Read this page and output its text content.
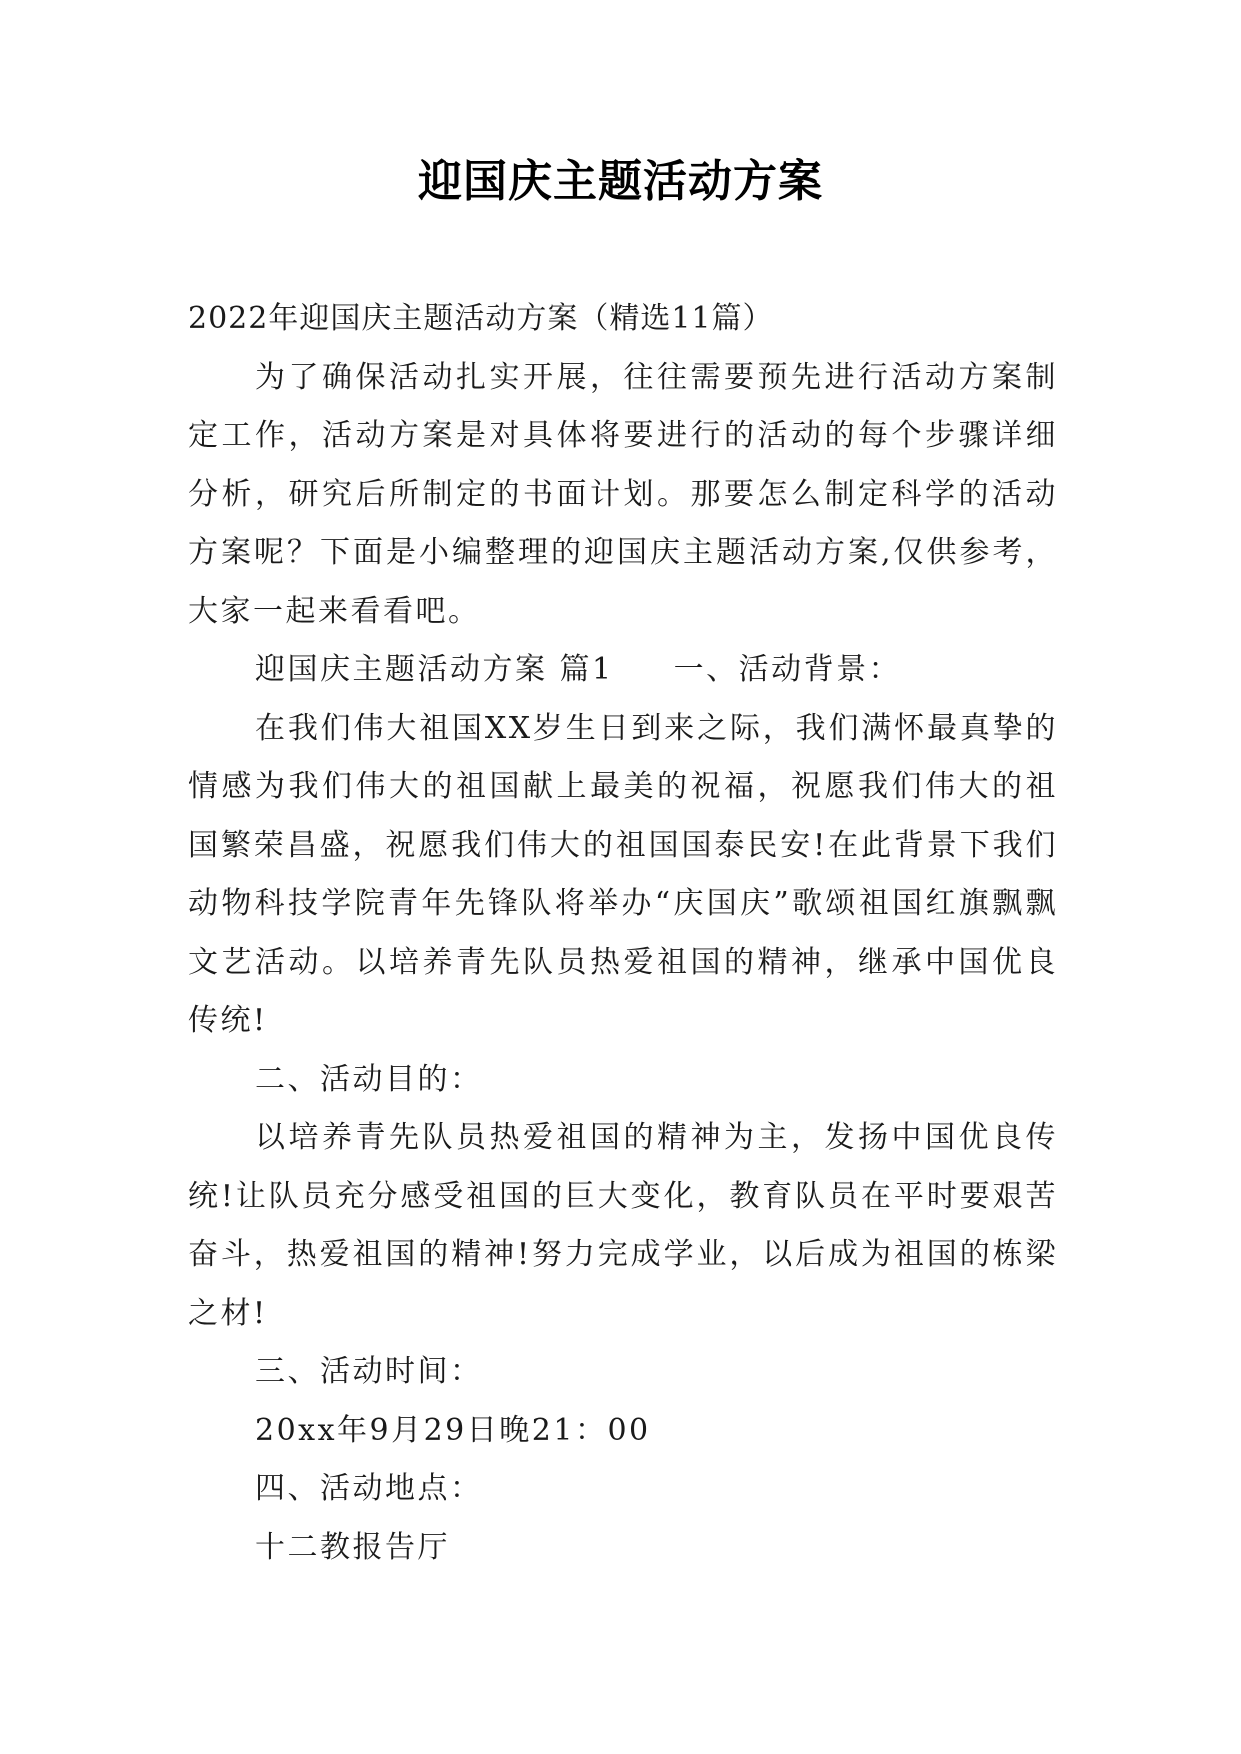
迎国庆主题活动方案

2022年迎国庆主题活动方案（精选11篇）

为了确保活动扎实开展，往往需要预先进行活动方案制定工作，活动方案是对具体将要进行的活动的每个步骤详细分析，研究后所制定的书面计划。那要怎么制定科学的活动方案呢？下面是小编整理的迎国庆主题活动方案,仅供参考，大家一起来看看吧。

迎国庆主题活动方案 篇1 一、活动背景：

在我们伟大祖国XX岁生日到来之际，我们满怀最真挚的情感为我们伟大的祖国献上最美的祝福，祝愿我们伟大的祖国繁荣昌盛，祝愿我们伟大的祖国国泰民安!在此背景下我们动物科技学院青年先锋队将举办“庆国庆”歌颂祖国红旗飘飘文艺活动。以培养青先队员热爱祖国的精神，继承中国优良传统!

二、活动目的：

以培养青先队员热爱祖国的精神为主，发扬中国优良传统!让队员充分感受祖国的巨大变化，教育队员在平时要艰苦奋斗，热爱祖国的精神!努力完成学业，以后成为祖国的栋梁之材!

三、活动时间：

20xx年9月29日晚21：00

四、活动地点：

十二教报告厅
